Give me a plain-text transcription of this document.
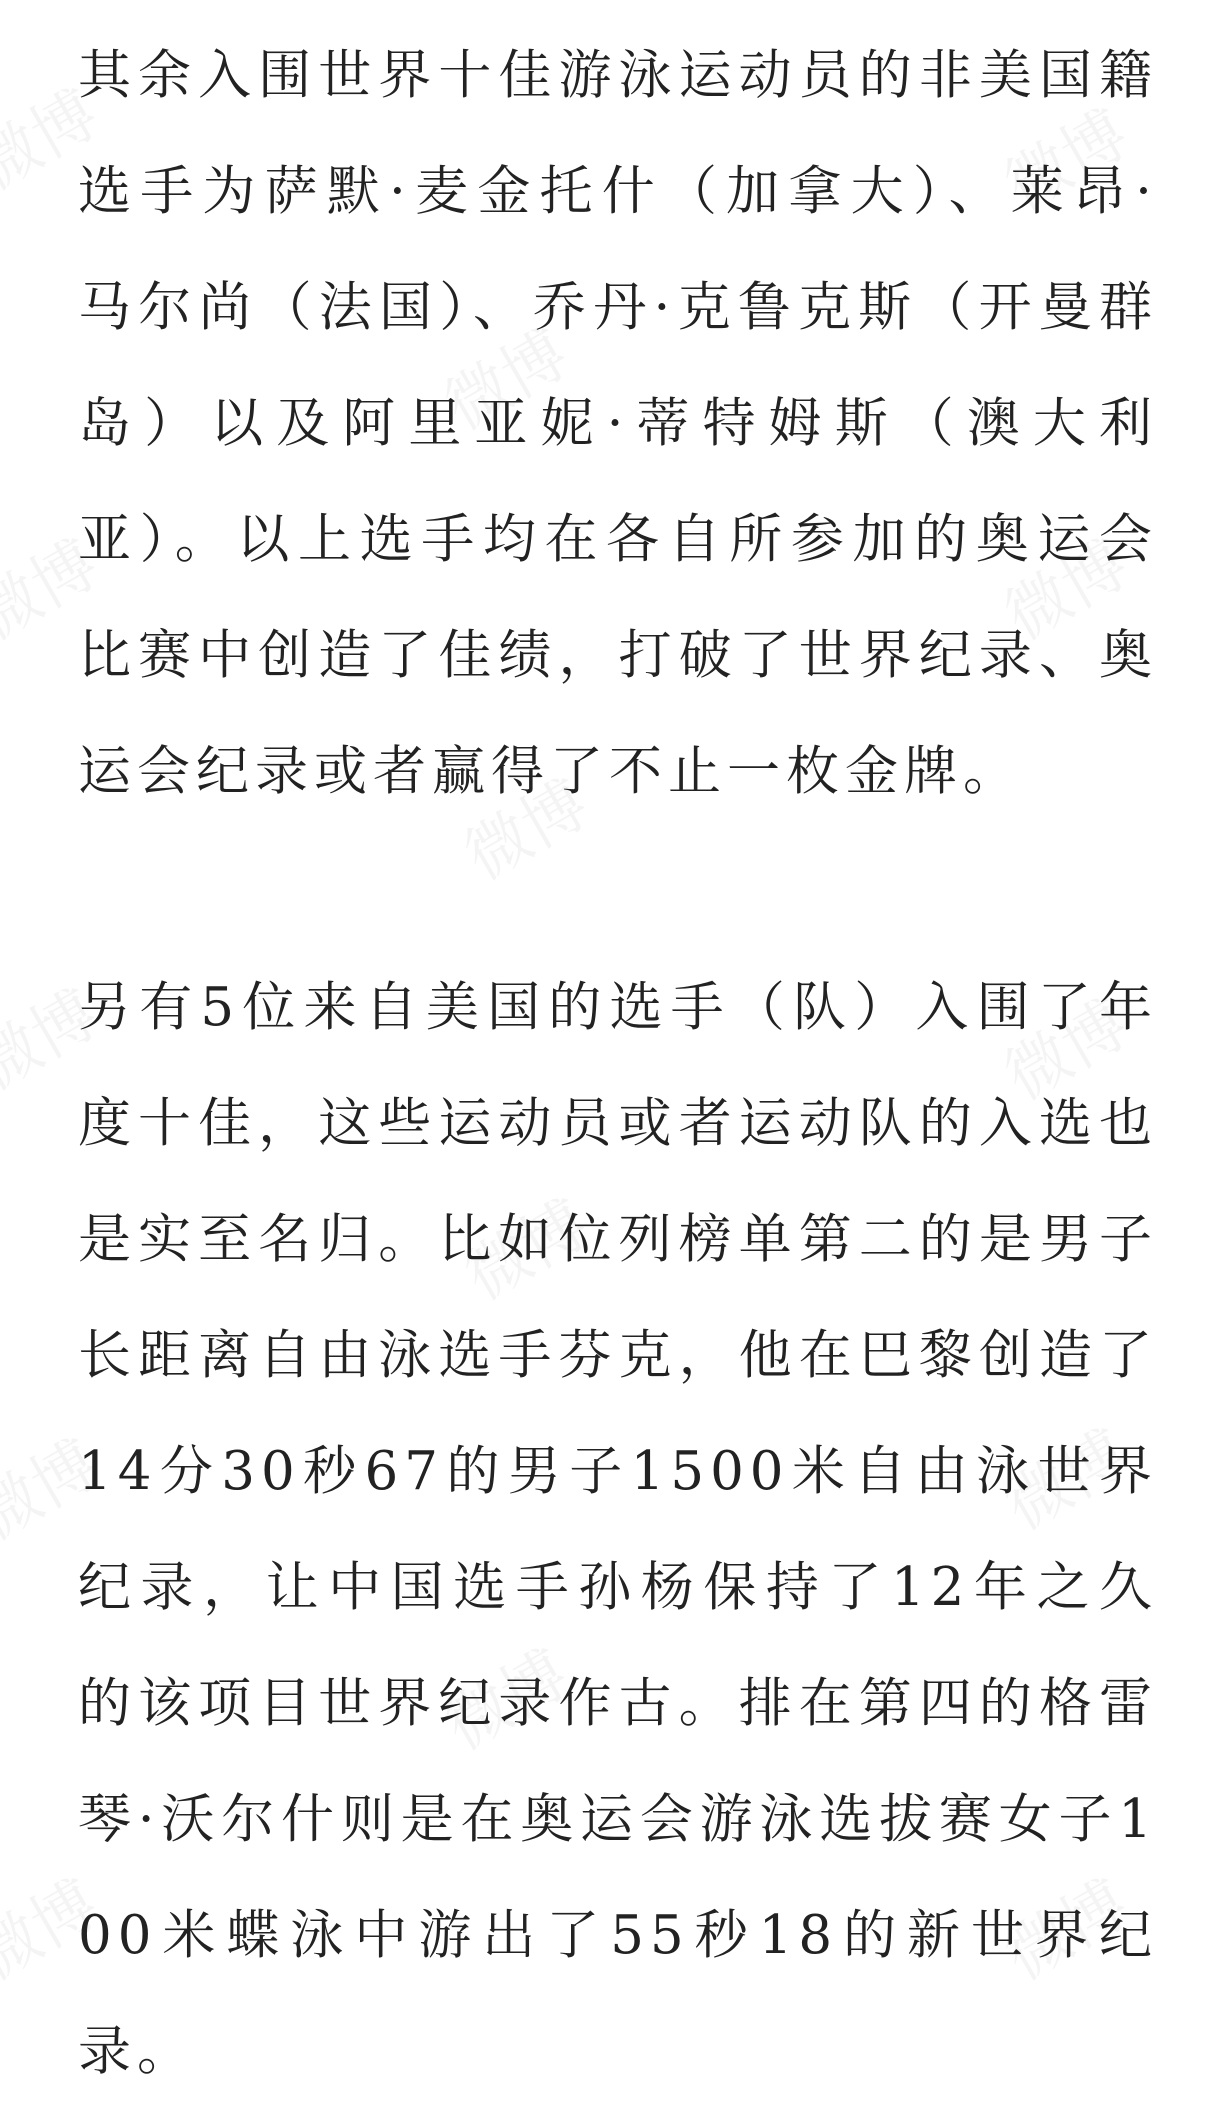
其余入围世界十佳游泳运动员的非美国籍选手为萨默·麦金托什（加拿大）、莱昂·马尔尚（法国）、乔丹·克鲁克斯（开曼群岛）以及阿里亚妮·蒂特姆斯（澳大利亚）。以上选手均在各自所参加的奥运会比赛中创造了佳绩，打破了世界纪录、奥运会纪录或者赢得了不止一枚金牌。

另有5位来自美国的选手（队）入围了年度十佳，这些运动员或者运动队的入选也是实至名归。比如位列榜单第二的是男子长距离自由泳选手芬克，他在巴黎创造了14分30秒67的男子1500米自由泳世界纪录，让中国选手孙杨保持了12年之久的该项目世界纪录作古。排在第四的格雷琴·沃尔什则是在奥运会游泳选拔赛女子100米蝶泳中游出了55秒18的新世界纪录。
